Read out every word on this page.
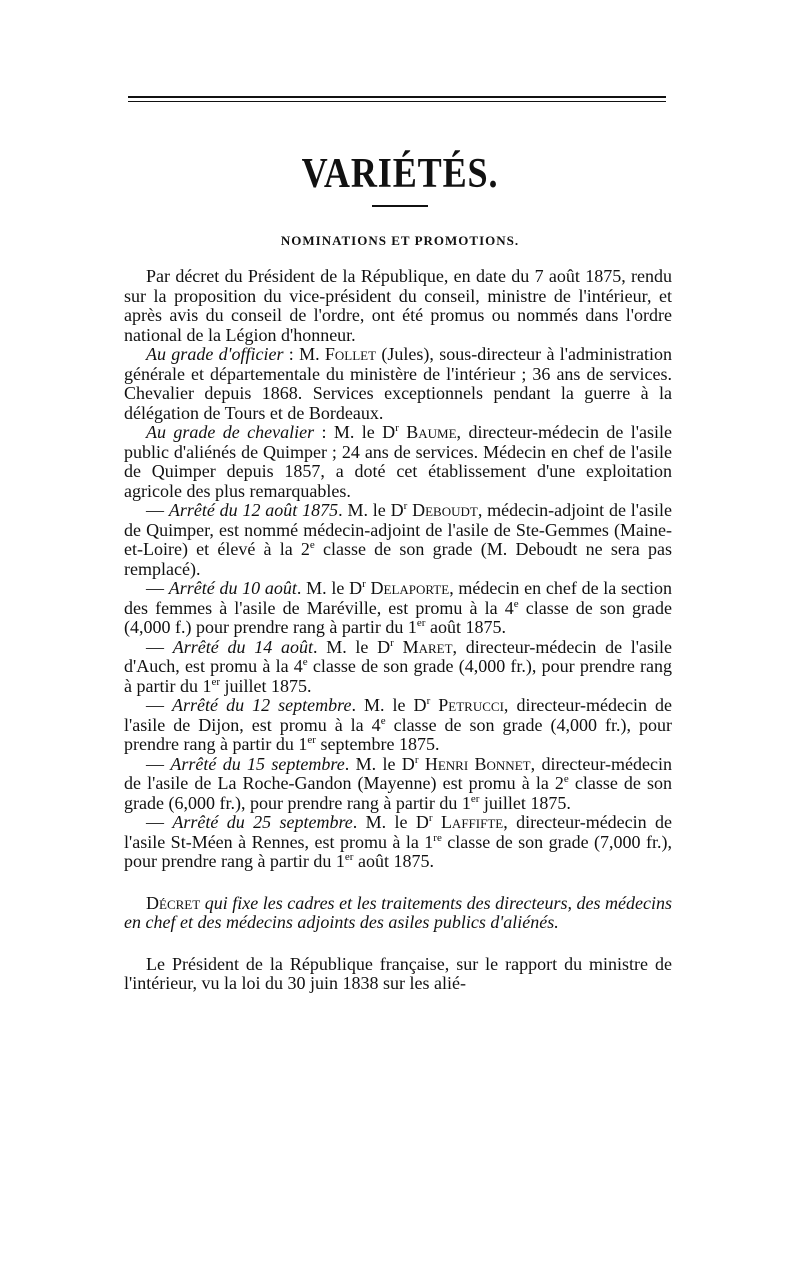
VARIÉTÉS.
NOMINATIONS ET PROMOTIONS.

Par décret du Président de la République, en date du 7 août 1875, rendu sur la proposition du vice-président du conseil, ministre de l'intérieur, et après avis du conseil de l'ordre, ont été promus ou nommés dans l'ordre national de la Légion d'honneur.

Au grade d'officier : M. Follet (Jules), sous-directeur à l'administration générale et départementale du ministère de l'intérieur ; 36 ans de services. Chevalier depuis 1868. Services exceptionnels pendant la guerre à la délégation de Tours et de Bordeaux.

Au grade de chevalier : M. le $D^r$ Baume, directeur-médecin de l'asile public d'aliénés de Quimper ; 24 ans de services. Médecin en chef de l'asile de Quimper depuis 1857, a doté cet établissement d'une exploitation agricole des plus remarquables.

— Arrêté du 12 août 1875. M. le $D^r$ Deboudt, médecin-adjoint de l'asile de Quimper, est nommé médecin-adjoint de l'asile de Ste-Gemmes (Maine-et-Loire) et élevé à la 2e classe de son grade (M. Deboudt ne sera pas remplacé).

— Arrêté du 10 août. M. le $D^r$ Delaporte, médecin en chef de la section des femmes à l'asile de Maréville, est promu à la 4e classe de son grade (4,000 f.) pour prendre rang à partir du 1er août 1875.

— Arrêté du 14 août. M. le $D^r$ Maret, directeur-médecin de l'asile d'Auch, est promu à la 4e classe de son grade (4,000 fr.), pour prendre rang à partir du 1er juillet 1875.

— Arrêté du 12 septembre. M. le $D^r$ Petrucci, directeur-médecin de l'asile de Dijon, est promu à la 4e classe de son grade (4,000 fr.), pour prendre rang à partir du 1er septembre 1875.

— Arrêté du 15 septembre. M. le $D^r$ Henri Bonnet, directeur-médecin de l'asile de La Roche-Gandon (Mayenne) est promu à la 2e classe de son grade (6,000 fr.), pour prendre rang à partir du 1er juillet 1875.

— Arrêté du 25 septembre. M. le $D^r$ Laffifte, directeur-médecin de l'asile St-Méen à Rennes, est promu à la 1re classe de son grade (7,000 fr.), pour prendre rang à partir du 1er août 1875.

Décret qui fixe les cadres et les traitements des directeurs, des médecins en chef et des médecins adjoints des asiles publics d'aliénés.

Le Président de la République française, sur le rapport du ministre de l'intérieur, vu la loi du 30 juin 1838 sur les alié-
